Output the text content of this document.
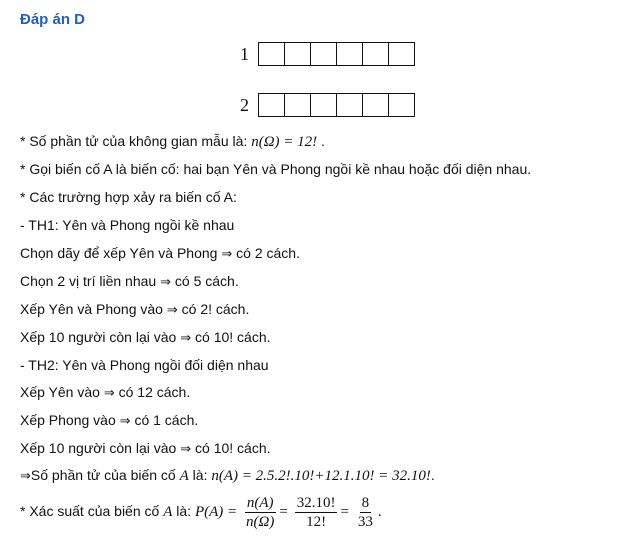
Đáp án D
1
2
* Số phần tử của không gian mẫu là: n(Ω) = 12! .
* Gọi biến cố A là biến cố: hai bạn Yên và Phong ngồi kề nhau hoặc đối diện nhau.
* Các trường hợp xảy ra biến cố A:
- TH1: Yên và Phong ngồi kề nhau
Chọn dãy để xếp Yên và Phong ⇒ có 2 cách.
Chọn 2 vị trí liền nhau ⇒ có 5 cách.
Xếp Yên và Phong vào ⇒ có 2! cách.
Xếp 10 người còn lại vào ⇒ có 10! cách.
- TH2: Yên và Phong ngồi đối diện nhau
Xếp Yên vào ⇒ có 12 cách.
Xếp Phong vào ⇒ có 1 cách.
Xếp 10 người còn lại vào ⇒ có 10! cách.
⇒Số phần tử của biến cố A là: n(A) = 2.5.2!.10!+12.1.10! = 32.10!.
* Xác suất của biến cố A là: $P(A) = \frac{n(A)}{n(\Omega)} = \frac{32.10!}{12!} = \frac{8}{33}$ .
